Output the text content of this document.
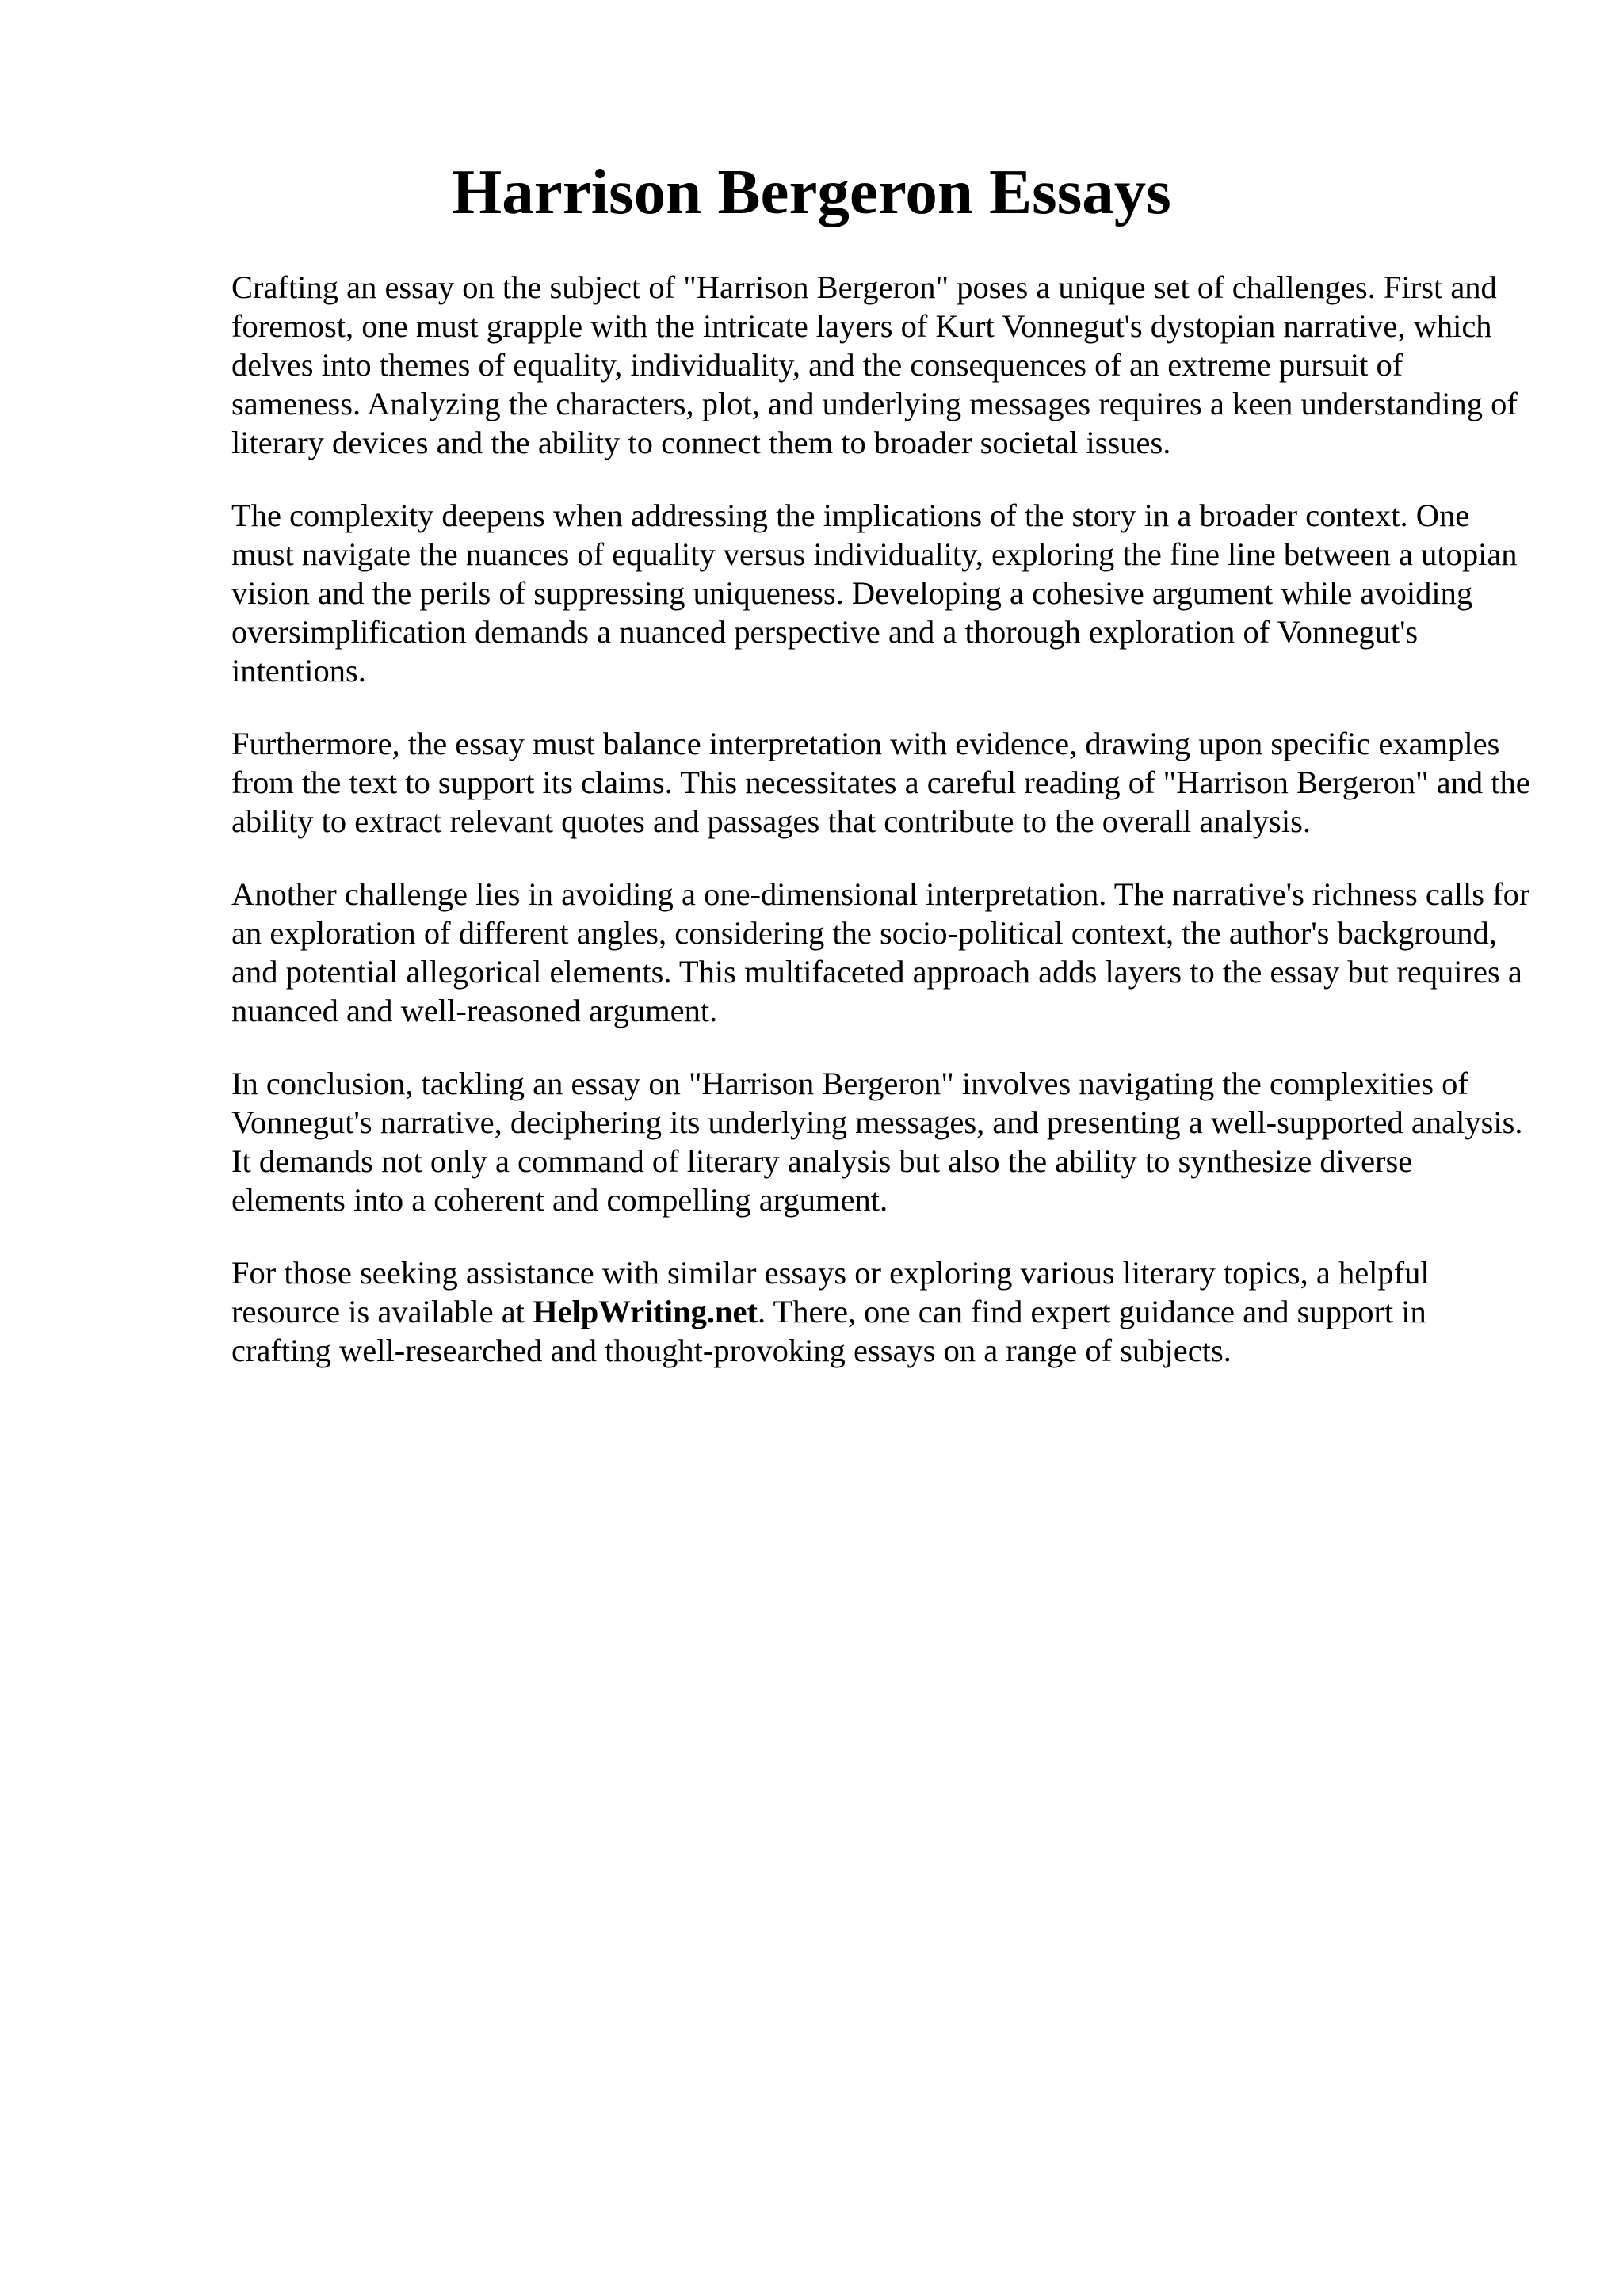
Harrison Bergeron Essays

Crafting an essay on the subject of "Harrison Bergeron" poses a unique set of challenges. First and foremost, one must grapple with the intricate layers of Kurt Vonnegut's dystopian narrative, which delves into themes of equality, individuality, and the consequences of an extreme pursuit of sameness. Analyzing the characters, plot, and underlying messages requires a keen understanding of literary devices and the ability to connect them to broader societal issues.

The complexity deepens when addressing the implications of the story in a broader context. One must navigate the nuances of equality versus individuality, exploring the fine line between a utopian vision and the perils of suppressing uniqueness. Developing a cohesive argument while avoiding oversimplification demands a nuanced perspective and a thorough exploration of Vonnegut's intentions.

Furthermore, the essay must balance interpretation with evidence, drawing upon specific examples from the text to support its claims. This necessitates a careful reading of "Harrison Bergeron" and the ability to extract relevant quotes and passages that contribute to the overall analysis.

Another challenge lies in avoiding a one-dimensional interpretation. The narrative's richness calls for an exploration of different angles, considering the socio-political context, the author's background, and potential allegorical elements. This multifaceted approach adds layers to the essay but requires a nuanced and well-reasoned argument.

In conclusion, tackling an essay on "Harrison Bergeron" involves navigating the complexities of Vonnegut's narrative, deciphering its underlying messages, and presenting a well-supported analysis. It demands not only a command of literary analysis but also the ability to synthesize diverse elements into a coherent and compelling argument.

For those seeking assistance with similar essays or exploring various literary topics, a helpful resource is available at HelpWriting.net. There, one can find expert guidance and support in crafting well-researched and thought-provoking essays on a range of subjects.
